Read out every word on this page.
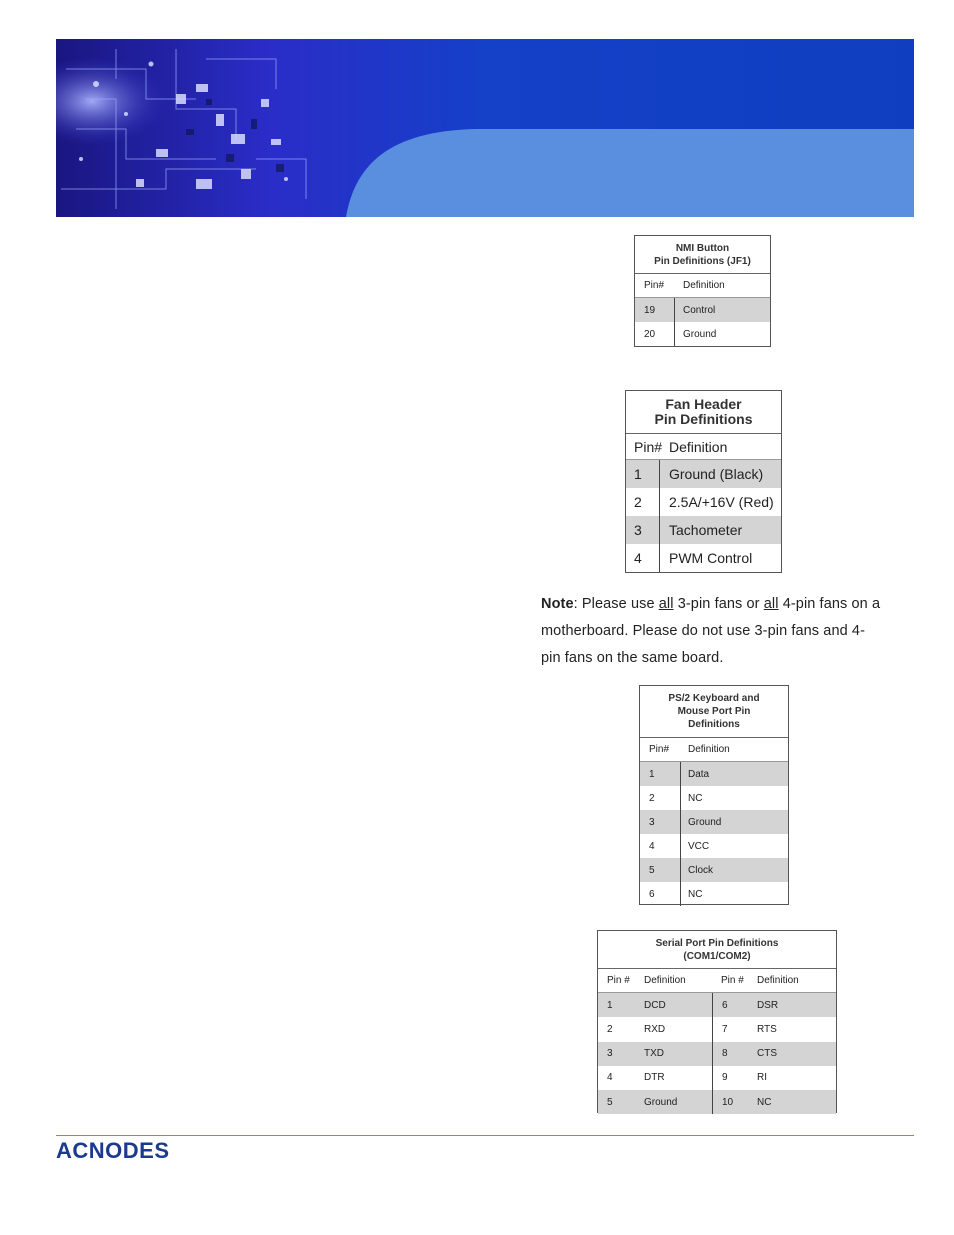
NMI Button
Pin Definitions (JF1)
Pin#	Definition
19	Control
20	Ground
Fan Header
Pin Definitions
Pin# Definition
1	Ground (Black)
2	2.5A/+16V (Red)
3	Tachometer
4	PWM Control
Note: Please use all 3-pin fans or all 4-pin fans on a motherboard. Please do not use 3-pin fans and 4-pin fans on the same board.
PS/2 Keyboard and
Mouse Port Pin
Definitions
Pin#	Definition
1	Data
2	NC
3	Ground
4	VCC
5	Clock
6	NC
Serial Port Pin Definitions
(COM1/COM2)
Pin #	Definition	Pin #	Definition
1	DCD	6	DSR
2	RXD	7	RTS
3	TXD	8	CTS
4	DTR	9	RI
5	Ground	10	NC
ACNODES
